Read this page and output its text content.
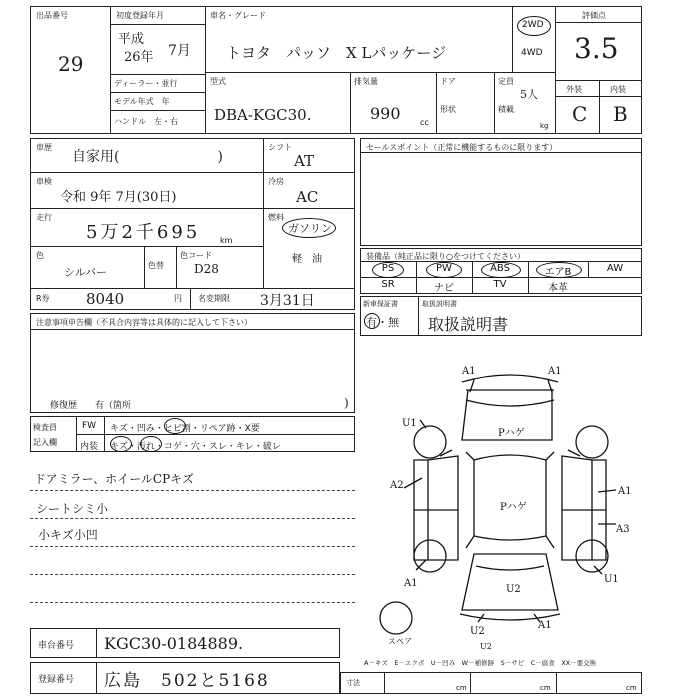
出品番号
29
初度登録年月
平成
26年 7月
ディーラー・並行
モデル年式　年
ハンドル　左・右
車名・グレード
トヨタ　パッソ　X Lパッケージ
2WD
4WD
型式
DBA-KGC30.
排気量
990 cc
ドア
形状
定員
5人
積載
kg
評価点
3.5
外装	内装
C B
車歴
自家用(　　　　　　　)
車検
令和 9年 7月(30日)
走行
5万2千695 km
色
シルバー
色替
色コード
D28
R券 8040	円 名変期限 3月31日
シフト
AT
冷房
AC
燃料
ガソリン
軽　油
セールスポイント（正常に機能するものに限ります）
装備品（純正品に限り○をつけてください）
PS	PW	ABS	エアB	AW
SR	ナビ	TV	本革
新車保証書
有・無
取扱説明書
取扱説明書
注意事項申告欄（不具合内容等は具体的に記入して下さい）
修復歴　　有（箇所	)
検査員
記入欄
FW キズ・凹み・ヒビ割・リペア跡・X要
内装 キズ・汚れ・コゲ・穴・スレ・キレ・破レ
ドアミラー、ホイールCPキズ
シートシミ小
小キズ小凹
車台番号 KGC30-0184889.
登録番号 広島　502と5168	寸法
cm	cm	cm
A1	A1
U1
A2
A1
A3
A1	U1
U2
U2
A1
U2
Pハゲ
Pハゲ
スペア
A－キズ　E－エクボ　U－凹み　W－補修跡　S－サビ　C－腐食　XX－要交換
